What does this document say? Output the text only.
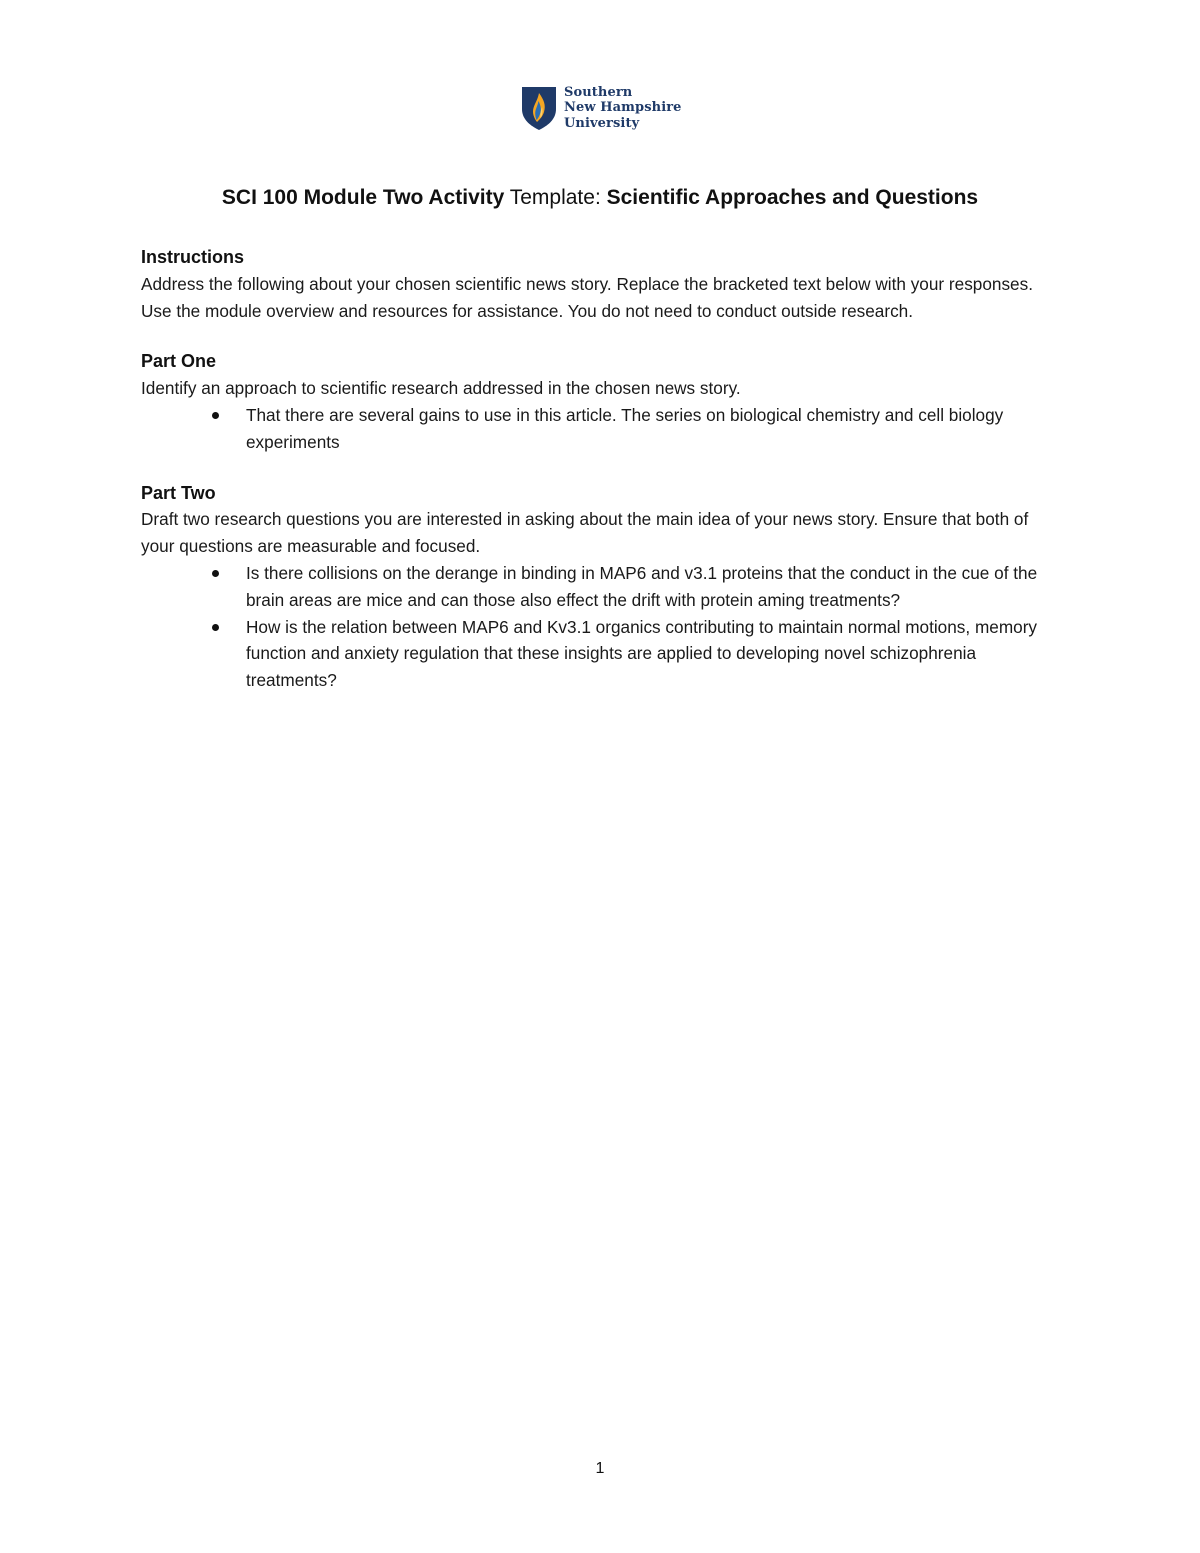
Southern
New Hampshire
University
SCI 100 Module Two Activity Template: Scientific Approaches and Questions

Instructions

Address the following about your chosen scientific news story. Replace the bracketed text below with your responses. Use the module overview and resources for assistance. You do not need to conduct outside research.

Part One

Identify an approach to scientific research addressed in the chosen news story.

That there are several gains to use in this article. The series on biological chemistry and cell biology experiments

Part Two

Draft two research questions you are interested in asking about the main idea of your news story. Ensure that both of your questions are measurable and focused.

Is there collisions on the derange in binding in MAP6 and v3.1 proteins that the conduct in the cue of the brain areas are mice and can those also effect the drift with protein aming treatments?
How is the relation between MAP6 and Kv3.1 organics contributing to maintain normal motions, memory function and anxiety regulation that these insights are applied to developing novel schizophrenia treatments?
1
